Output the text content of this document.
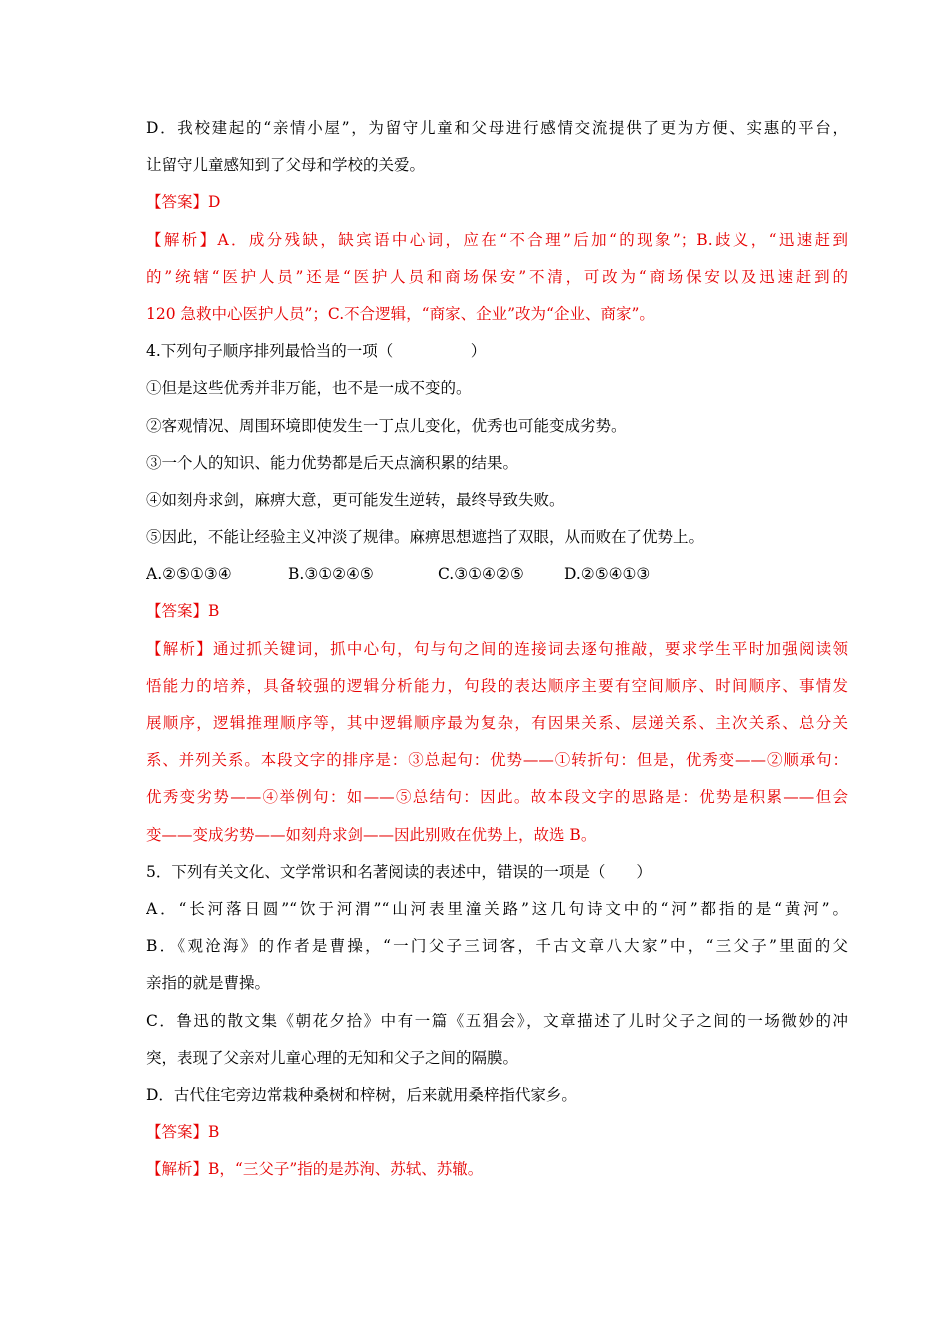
D．我校建起的“亲情小屋”，为留守儿童和父母进行感情交流提供了更为方便、实惠的平台，
让留守儿童感知到了父母和学校的关爱。
【答案】D
【解析】A．成分残缺，缺宾语中心词，应在“不合理”后加“的现象”；B.歧义，“迅速赶到
的”统辖“医护人员”还是“医护人员和商场保安”不清，可改为“商场保安以及迅速赶到的
120 急救中心医护人员”；C.不合逻辑，“商家、企业”改为“企业、商家”。
4.下列句子顺序排列最恰当的一项（　　　　　）
①但是这些优秀并非万能，也不是一成不变的。
②客观情况、周围环境即使发生一丁点儿变化，优秀也可能变成劣势。
③一个人的知识、能力优势都是后天点滴积累的结果。
④如刻舟求剑，麻痹大意，更可能发生逆转，最终导致失败。
⑤因此，不能让经验主义冲淡了规律。麻痹思想遮挡了双眼，从而败在了优势上。
A.②⑤①③④	B.③①②④⑤	C.③①④②⑤	D.②⑤④①③
【答案】B
【解析】通过抓关键词，抓中心句，句与句之间的连接词去逐句推敲，要求学生平时加强阅读领
悟能力的培养，具备较强的逻辑分析能力，句段的表达顺序主要有空间顺序、时间顺序、事情发
展顺序，逻辑推理顺序等，其中逻辑顺序最为复杂，有因果关系、层递关系、主次关系、总分关
系、并列关系。本段文字的排序是：③总起句：优势——①转折句：但是，优秀变——②顺承句：
优秀变劣势——④举例句：如——⑤总结句：因此。故本段文字的思路是：优势是积累——但会
变——变成劣势——如刻舟求剑——因此别败在优势上，故选 B。
5．下列有关文化、文学常识和名著阅读的表述中，错误的一项是（　　）
A．“长河落日圆”“饮于河渭”“山河表里潼关路”这几句诗文中的“河”都指的是“黄河”。
B．《观沧海》的作者是曹操，“一门父子三词客，千古文章八大家”中，“三父子”里面的父
亲指的就是曹操。
C．鲁迅的散文集《朝花夕拾》中有一篇《五猖会》，文章描述了儿时父子之间的一场微妙的冲
突，表现了父亲对儿童心理的无知和父子之间的隔膜。
D．古代住宅旁边常栽种桑树和梓树，后来就用桑梓指代家乡。
【答案】B
【解析】B，“三父子”指的是苏洵、苏轼、苏辙。
